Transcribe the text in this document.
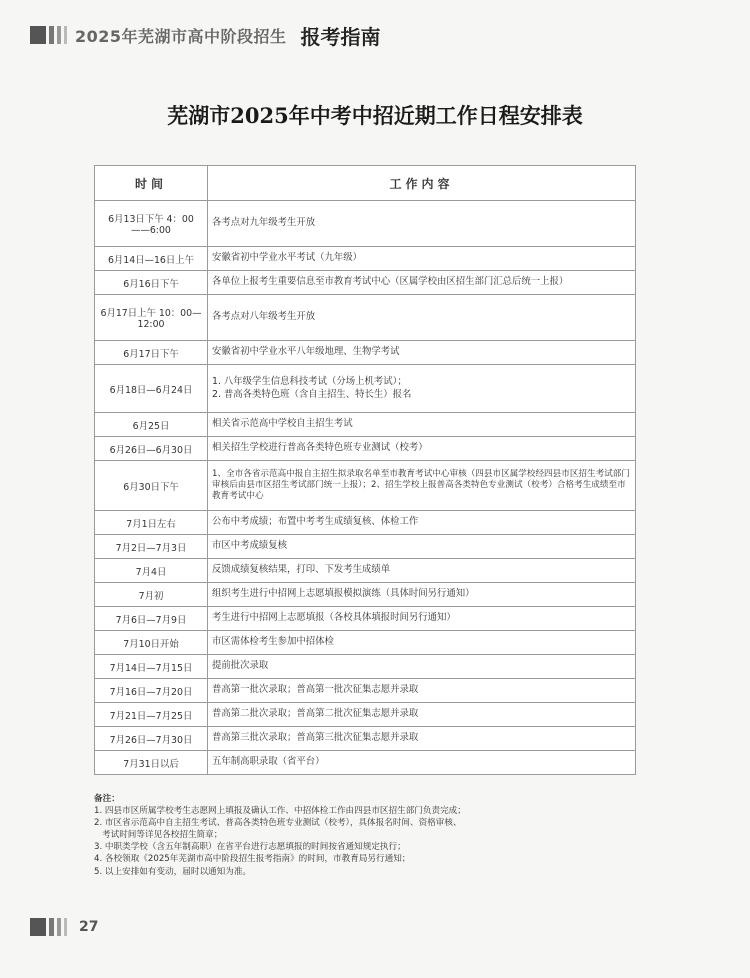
2025年芜湖市高中阶段招生 报考指南
芜湖市2025年中考中招近期工作日程安排表
时间	工作内容
6月13日下午 4：00——6:00	各考点对九年级考生开放
6月14日—16日上午	安徽省初中学业水平考试（九年级）
6月16日下午	各单位上报考生重要信息至市教育考试中心（区属学校由区招生部门汇总后统一上报）
6月17日上午 10：00—12:00	各考点对八年级考生开放
6月17日下午	安徽省初中学业水平八年级地理、生物学考试
6月18日—6月24日	1. 八年级学生信息科技考试（分场上机考试）；
2. 普高各类特色班（含自主招生、特长生）报名
6月25日	相关省示范高中学校自主招生考试
6月26日—6月30日	相关招生学校进行普高各类特色班专业测试（校考）
6月30日下午	1、全市各省示范高中报自主招生拟录取名单至市教育考试中心审核（四县市区属学校经四县市区招生考试部门审核后由县市区招生考试部门统一上报）；2、招生学校上报普高各类特色专业测试（校考）合格考生成绩至市教育考试中心
7月1日左右	公布中考成绩；布置中考考生成绩复核、体检工作
7月2日—7月3日	市区中考成绩复核
7月4日	反馈成绩复核结果，打印、下发考生成绩单
7月初	组织考生进行中招网上志愿填报模拟演练（具体时间另行通知）
7月6日—7月9日	考生进行中招网上志愿填报（各校具体填报时间另行通知）
7月10日开始	市区需体检考生参加中招体检
7月14日—7月15日	提前批次录取
7月16日—7月20日	普高第一批次录取；普高第一批次征集志愿并录取
7月21日—7月25日	普高第二批次录取；普高第二批次征集志愿并录取
7月26日—7月30日	普高第三批次录取；普高第三批次征集志愿并录取
7月31日以后	五年制高职录取（省平台）
备注：
1. 四县市区所属学校考生志愿网上填报及确认工作、中招体检工作由四县市区招生部门负责完成；
2. 市区省示范高中自主招生考试、普高各类特色班专业测试（校考），具体报名时间、资格审核、
考试时间等详见各校招生简章；
3. 中职类学校（含五年制高职）在省平台进行志愿填报的时间按省通知规定执行；
4. 各校领取《2025年芜湖市高中阶段招生报考指南》的时间，市教育局另行通知；
5. 以上安排如有变动，届时以通知为准。
27
